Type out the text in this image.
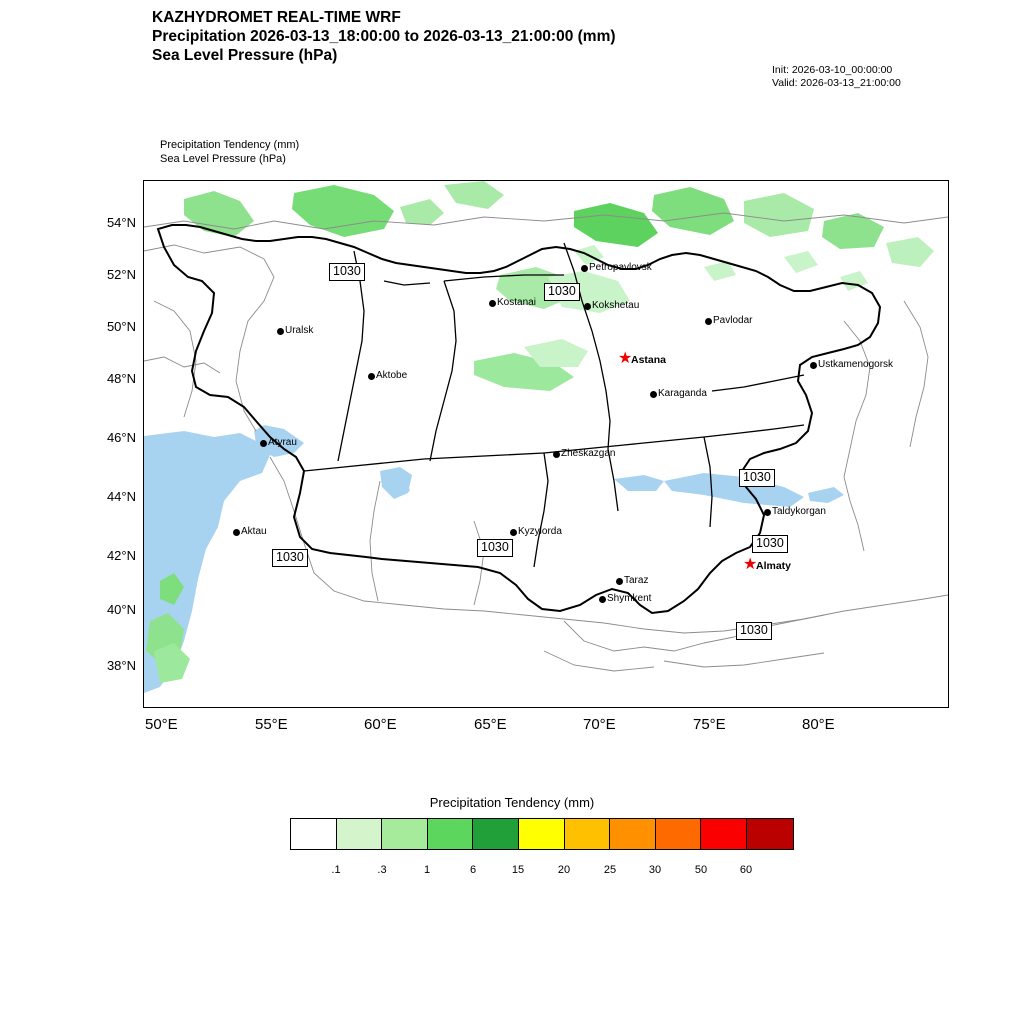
KAZHYDROMET REAL-TIME WRF
Precipitation 2026-03-13_18:00:00 to 2026-03-13_21:00:00 (mm)
Sea Level Pressure (hPa)
Init: 2026-03-10_00:00:00
Valid: 2026-03-13_21:00:00
Precipitation Tendency (mm)
Sea Level Pressure (hPa)
Petropavlovsk
Kostanai	Kokshetau
Uralsk
Pavlodar
★
Astana	Ustkamenogorsk
Aktobe
Karaganda
Zheskazgan
Atyrau
Taldykorgan
Kyzylorda
Aktau
★
Almaty
Taraz
Shymkent
1030
1030
1030
1030
1030
1030
1030
54°N
52°N
50°N
48°N
46°N
44°N
42°N
40°N
38°N
50°E	55°E	60°E	65°E	70°E	75°E	80°E
Precipitation Tendency (mm)
.1	.3	1	6	15	20	25	30	50	60
